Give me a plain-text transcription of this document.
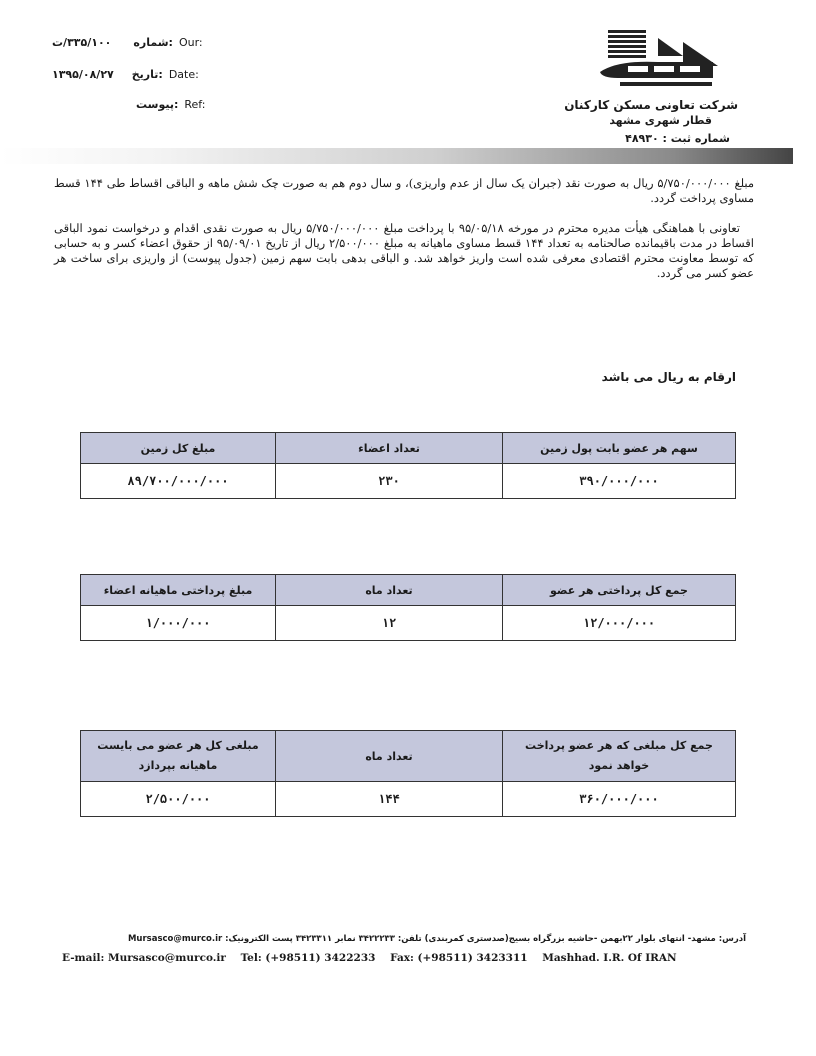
۳۳۵/۱۰۰/ت شماره: Our:
۱۳۹۵/۰۸/۲۷ تاریخ: Date:
پیوست: Ref:	شرکت تعاونی مسکن کارکنان
قطار شهری مشهد
شماره ثبت : ۴۸۹۳۰

مبلغ ۵/۷۵۰/۰۰۰/۰۰۰ ریال به صورت نقد (جبران یک سال از عدم واریزی)، و سال دوم هم به صورت چک شش ماهه و الباقی اقساط طی ۱۴۴ قسط مساوی پرداخت گردد.

تعاونی با هماهنگی هیأت مدیره محترم در مورخه ۹۵/۰۵/۱۸ با پرداخت مبلغ ۵/۷۵۰/۰۰۰/۰۰۰ ریال به صورت نقدی اقدام و درخواست نمود الباقی اقساط در مدت باقیمانده صالحنامه به تعداد ۱۴۴ قسط مساوی ماهیانه به مبلغ ۲/۵۰۰/۰۰۰ ریال از تاریخ ۹۵/۰۹/۰۱ از حقوق اعضاء کسر و به حسابی که توسط معاونت محترم اقتصادی معرفی شده است واریز خواهد شد. و الباقی بدهی بابت سهم زمین (جدول پیوست) از واریزی برای ساخت هر عضو کسر می گردد.

ارقام به ریال می باشد
سهم هر عضو بابت پول زمین	تعداد اعضاء	مبلغ کل زمین
۳۹۰/۰۰۰/۰۰۰	۲۳۰	۸۹/۷۰۰/۰۰۰/۰۰۰
جمع کل پرداختی هر عضو	تعداد ماه	مبلغ پرداختی ماهیانه اعضاء
۱۲/۰۰۰/۰۰۰	۱۲	۱/۰۰۰/۰۰۰
جمع کل مبلغی که هر عضو پرداخت خواهد نمود	تعداد ماه	مبلغی کل هر عضو می بایست ماهیانه بپردازد
۳۶۰/۰۰۰/۰۰۰	۱۴۴	۲/۵۰۰/۰۰۰
آدرس: مشهد- انتهای بلوار ۲۲بهمن -حاشیه بزرگراه بسیج(صدستری کمربندی) تلفن: ۳۴۲۲۲۳۳ نمابر ۳۴۲۳۳۱۱ پست الکترونیک: Mursasco@murco.ir
E-mail: Mursasco@murco.ir    Tel: (+98511) 3422233    Fax: (+98511) 3423311    Mashhad. I.R. Of IRAN
